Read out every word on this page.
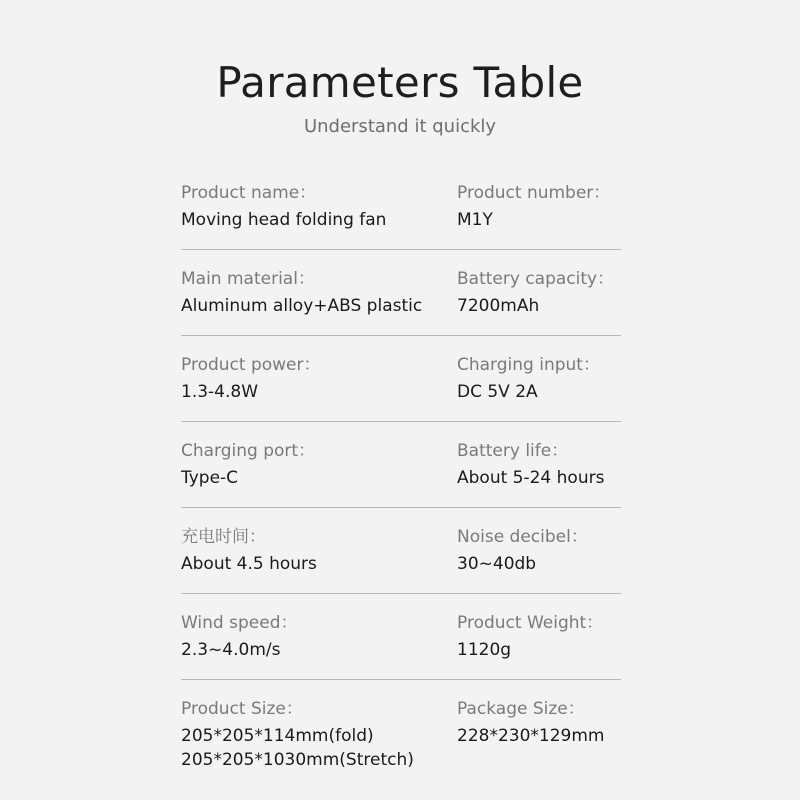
Parameters Table

Understand it quickly

Product name：
Moving head folding fan
Product number：
M1Y
Main material：
Aluminum alloy+ABS plastic
Battery capacity：
7200mAh
Product power：
1.3-4.8W
Charging input：
DC 5V 2A
Charging port：
Type-C
Battery life：
About 5-24 hours
充电时间：
About 4.5 hours
Noise decibel：
30~40db
Wind speed：
2.3~4.0m/s
Product Weight：
1120g
Product Size：
205*205*114mm(fold)
205*205*1030mm(Stretch)
Package Size：
228*230*129mm
